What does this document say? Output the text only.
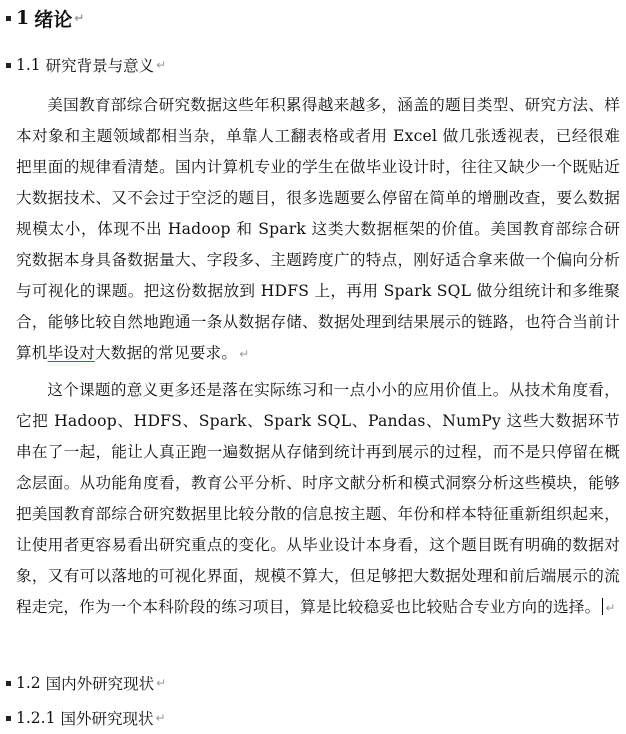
1 绪论 ↵
1.1 研究背景与意义 ↵

美国教育部综合研究数据这些年积累得越来越多，涵盖的题目类型、研究方法、样本对象和主题领域都相当杂，单靠人工翻表格或者用 Excel 做几张透视表，已经很难把里面的规律看清楚。国内计算机专业的学生在做毕业设计时，往往又缺少一个既贴近大数据技术、又不会过于空泛的题目，很多选题要么停留在简单的增删改查，要么数据规模太小，体现不出 Hadoop 和 Spark 这类大数据框架的价值。美国教育部综合研究数据本身具备数据量大、字段多、主题跨度广的特点，刚好适合拿来做一个偏向分析与可视化的课题。把这份数据放到 HDFS 上，再用 Spark SQL 做分组统计和多维聚合，能够比较自然地跑通一条从数据存储、数据处理到结果展示的链路，也符合当前计算机毕设对大数据的常见要求。 ↵

这个课题的意义更多还是落在实际练习和一点小小的应用价值上。从技术角度看，它把 Hadoop、HDFS、Spark、Spark SQL、Pandas、NumPy 这些大数据环节串在了一起，能让人真正跑一遍数据从存储到统计再到展示的过程，而不是只停留在概念层面。从功能角度看，教育公平分析、时序文献分析和模式洞察分析这些模块，能够把美国教育部综合研究数据里比较分散的信息按主题、年份和样本特征重新组织起来，让使用者更容易看出研究重点的变化。从毕业设计本身看，这个题目既有明确的数据对象，又有可以落地的可视化界面，规模不算大，但足够把大数据处理和前后端展示的流程走完，作为一个本科阶段的练习项目，算是比较稳妥也比较贴合专业方向的选择。 ↵

1.2 国内外研究现状 ↵
1.2.1 国外研究现状 ↵
